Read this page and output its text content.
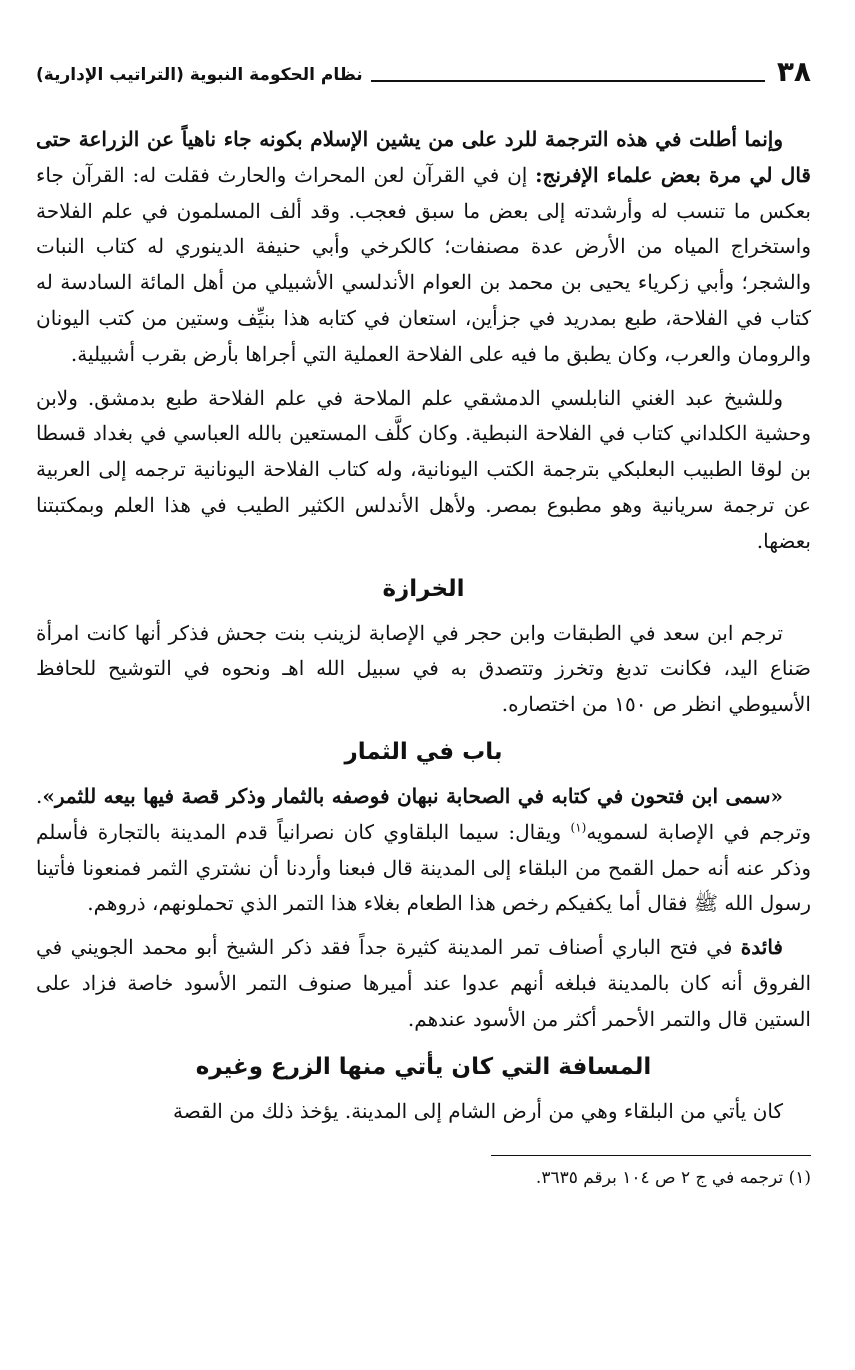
٣٨
نظام الحكومة النبوية (التراتيب الإدارية)

وإنما أطلت في هذه الترجمة للرد على من يشين الإسلام بكونه جاء ناهياً عن الزراعة حتى قال لي مرة بعض علماء الإفرنج: إن في القرآن لعن المحراث والحارث فقلت له: القرآن جاء بعكس ما تنسب له وأرشدته إلى بعض ما سبق فعجب. وقد ألف المسلمون في علم الفلاحة واستخراج المياه من الأرض عدة مصنفات؛ كالكرخي وأبي حنيفة الدينوري له كتاب النبات والشجر؛ وأبي زكرياء يحيى بن محمد بن العوام الأندلسي الأشبيلي من أهل المائة السادسة له كتاب في الفلاحة، طبع بمدريد في جزأين، استعان في كتابه هذا بنيِّف وستين من كتب اليونان والرومان والعرب، وكان يطبق ما فيه على الفلاحة العملية التي أجراها بأرض بقرب أشبيلية.

وللشيخ عبد الغني النابلسي الدمشقي علم الملاحة في علم الفلاحة طبع بدمشق. ولابن وحشية الكلداني كتاب في الفلاحة النبطية. وكان كلَّف المستعين بالله العباسي في بغداد قسطا بن لوقا الطبيب البعلبكي بترجمة الكتب اليونانية، وله كتاب الفلاحة اليونانية ترجمه إلى العربية عن ترجمة سريانية وهو مطبوع بمصر. ولأهل الأندلس الكثير الطيب في هذا العلم وبمكتبتنا بعضها.

الخرازة

ترجم ابن سعد في الطبقات وابن حجر في الإصابة لزينب بنت جحش فذكر أنها كانت امرأة صَناع اليد، فكانت تدبغ وتخرز وتتصدق به في سبيل الله اهـ ونحوه في التوشيح للحافظ الأسيوطي انظر ص ١٥٠ من اختصاره.

باب في الثمار

«سمى ابن فتحون في كتابه في الصحابة نبهان فوصفه بالثمار وذكر قصة فيها بيعه للثمر». وترجم في الإصابة لسمويه$^{(١)}$ ويقال: سيما البلقاوي كان نصرانياً قدم المدينة بالتجارة فأسلم وذكر عنه أنه حمل القمح من البلقاء إلى المدينة قال فبعنا وأردنا أن نشتري الثمر فمنعونا فأتينا رسول الله ﷺ فقال أما يكفيكم رخص هذا الطعام بغلاء هذا التمر الذي تحملونهم، ذروهم.

فائدة في فتح الباري أصناف تمر المدينة كثيرة جداً فقد ذكر الشيخ أبو محمد الجويني في الفروق أنه كان بالمدينة فبلغه أنهم عدوا عند أميرها صنوف التمر الأسود خاصة فزاد على الستين قال والتمر الأحمر أكثر من الأسود عندهم.

المسافة التي كان يأتي منها الزرع وغيره

كان يأتي من البلقاء وهي من أرض الشام إلى المدينة. يؤخذ ذلك من القصة

(١) ترجمه في ج ٢ ص ١٠٤ برقم ٣٦٣٥.
